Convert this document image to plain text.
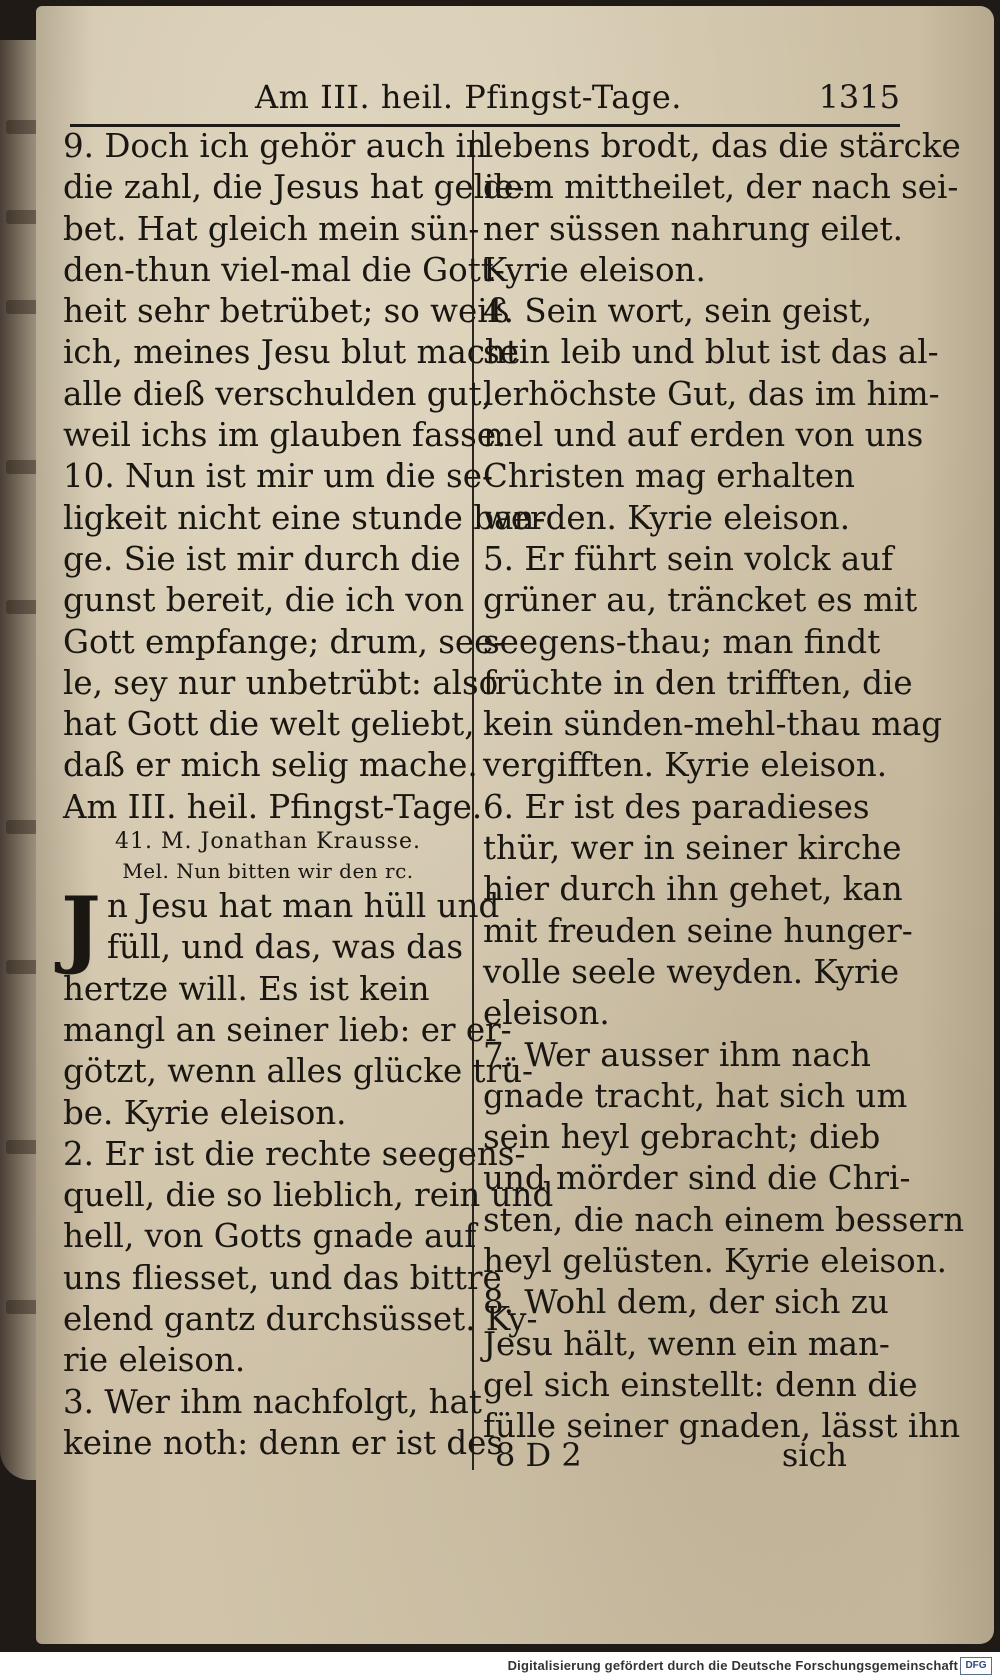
Am III. heil. Pfingst-Tage.	1315
9. Doch ich gehör auch in
die zahl, die Jesus hat gelie-
bet. Hat gleich mein sün-
den-thun viel-mal die Gott-
heit sehr betrübet; so weiß
ich, meines Jesu blut macht
alle dieß verschulden gut,
weil ichs im glauben fasse.
10. Nun ist mir um die se-
ligkeit nicht eine stunde ban-
ge. Sie ist mir durch die
gunst bereit, die ich von
Gott empfange; drum, see-
le, sey nur unbetrübt: also
hat Gott die welt geliebt,
daß er mich selig mache.
Am III. heil. Pfingst-Tage.
41. M. Jonathan Krausse.
Mel. Nun bitten wir den rc.
J n Jesu hat man hüll und
füll, und das, was das
hertze will. Es ist kein
mangl an seiner lieb: er er-
götzt, wenn alles glücke trü-
be. Kyrie eleison.
2. Er ist die rechte seegens-
quell, die so lieblich, rein und
hell, von Gotts gnade auf
uns fliesset, und das bittre
elend gantz durchsüsset. Ky-
rie eleison.
3. Wer ihm nachfolgt, hat
keine noth: denn er ist des
lebens brodt, das die stärcke
dem mittheilet, der nach sei-
ner süssen nahrung eilet.
Kyrie eleison.
4. Sein wort, sein geist,
sein leib und blut ist das al-
lerhöchste Gut, das im him-
mel und auf erden von uns
Christen mag erhalten
werden. Kyrie eleison.
5. Er führt sein volck auf
grüner au, träncket es mit
seegens-thau; man findt
früchte in den trifften, die
kein sünden-mehl-thau mag
vergifften. Kyrie eleison.
6. Er ist des paradieses
thür, wer in seiner kirche
hier durch ihn gehet, kan
mit freuden seine hunger-
volle seele weyden. Kyrie
eleison.
7. Wer ausser ihm nach
gnade tracht, hat sich um
sein heyl gebracht; dieb
und mörder sind die Chri-
sten, die nach einem bessern
heyl gelüsten. Kyrie eleison.
8. Wohl dem, der sich zu
Jesu hält, wenn ein man-
gel sich einstellt: denn die
fülle seiner gnaden, lässt ihn
8 D 2	sich
Digitalisierung gefördert durch die Deutsche Forschungsgemeinschaft DFG
